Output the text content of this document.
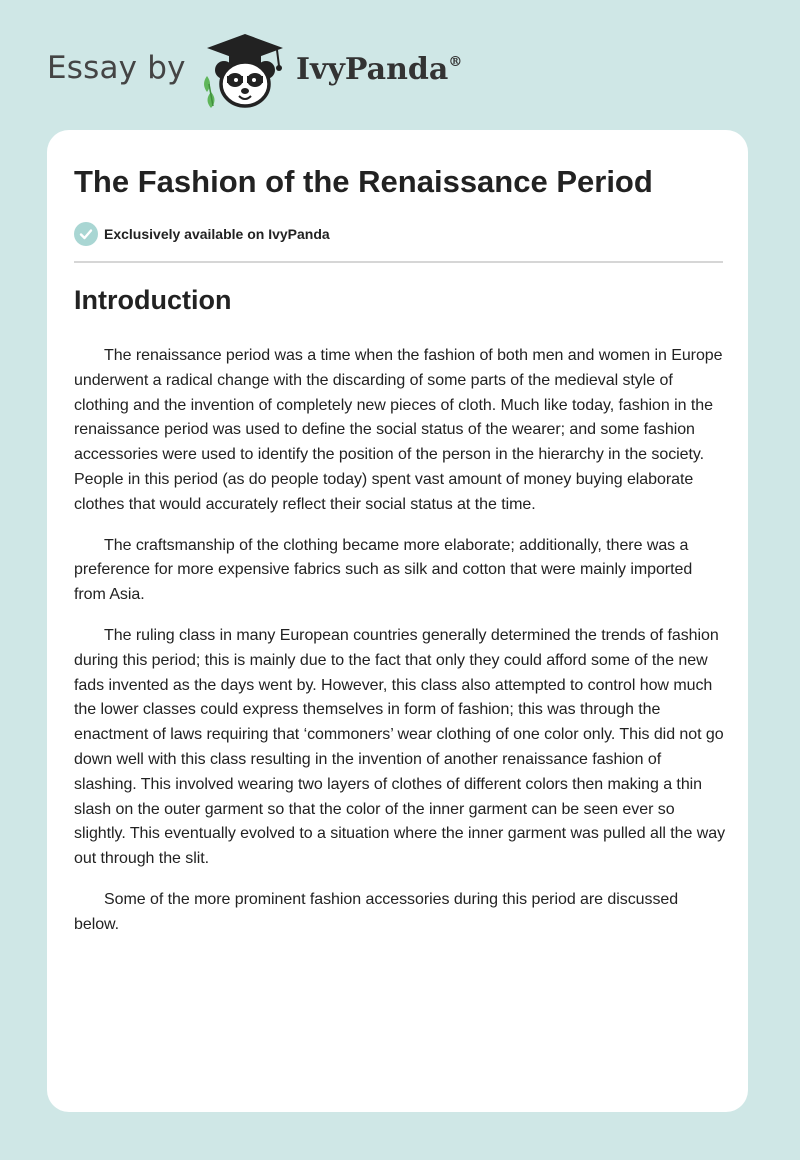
Essay by	IvyPanda®
The Fashion of the Renaissance Period
Exclusively available on IvyPanda
Introduction

The renaissance period was a time when the fashion of both men and women in Europe underwent a radical change with the discarding of some parts of the medieval style of clothing and the invention of completely new pieces of cloth. Much like today, fashion in the renaissance period was used to define the social status of the wearer; and some fashion accessories were used to identify the position of the person in the hierarchy in the society. People in this period (as do people today) spent vast amount of money buying elaborate clothes that would accurately reflect their social status at the time.

The craftsmanship of the clothing became more elaborate; additionally, there was a preference for more expensive fabrics such as silk and cotton that were mainly imported from Asia.

The ruling class in many European countries generally determined the trends of fashion during this period; this is mainly due to the fact that only they could afford some of the new fads invented as the days went by. However, this class also attempted to control how much the lower classes could express themselves in form of fashion; this was through the enactment of laws requiring that ‘commoners’ wear clothing of one color only. This did not go down well with this class resulting in the invention of another renaissance fashion of slashing. This involved wearing two layers of clothes of different colors then making a thin slash on the outer garment so that the color of the inner garment can be seen ever so slightly. This eventually evolved to a situation where the inner garment was pulled all the way out through the slit.

Some of the more prominent fashion accessories during this period are discussed below.
